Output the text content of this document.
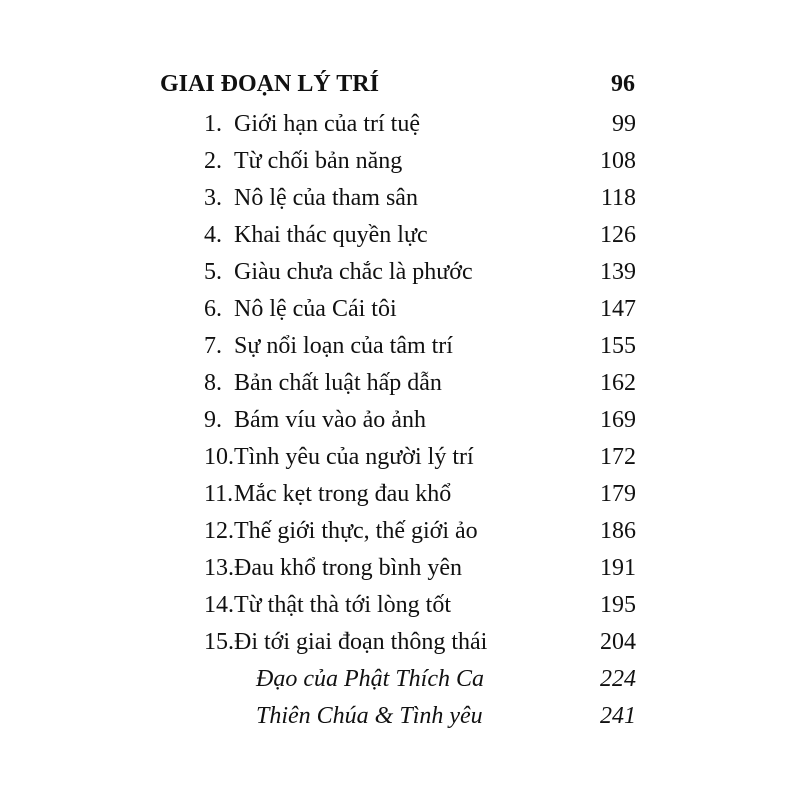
GIAI ĐOẠN LÝ TRÍ	96
1. Giới hạn của trí tuệ	99
2. Từ chối bản năng	108
3. Nô lệ của tham sân	118
4. Khai thác quyền lực	126
5. Giàu chưa chắc là phước	139
6. Nô lệ của Cái tôi	147
7. Sự nổi loạn của tâm trí	155
8. Bản chất luật hấp dẫn	162
9. Bám víu vào ảo ảnh	169
10. Tình yêu của người lý trí	172
11. Mắc kẹt trong đau khổ	179
12. Thế giới thực, thế giới ảo	186
13. Đau khổ trong bình yên	191
14. Từ thật thà tới lòng tốt	195
15. Đi tới giai đoạn thông thái	204
Đạo của Phật Thích Ca	224
Thiên Chúa & Tình yêu	241
